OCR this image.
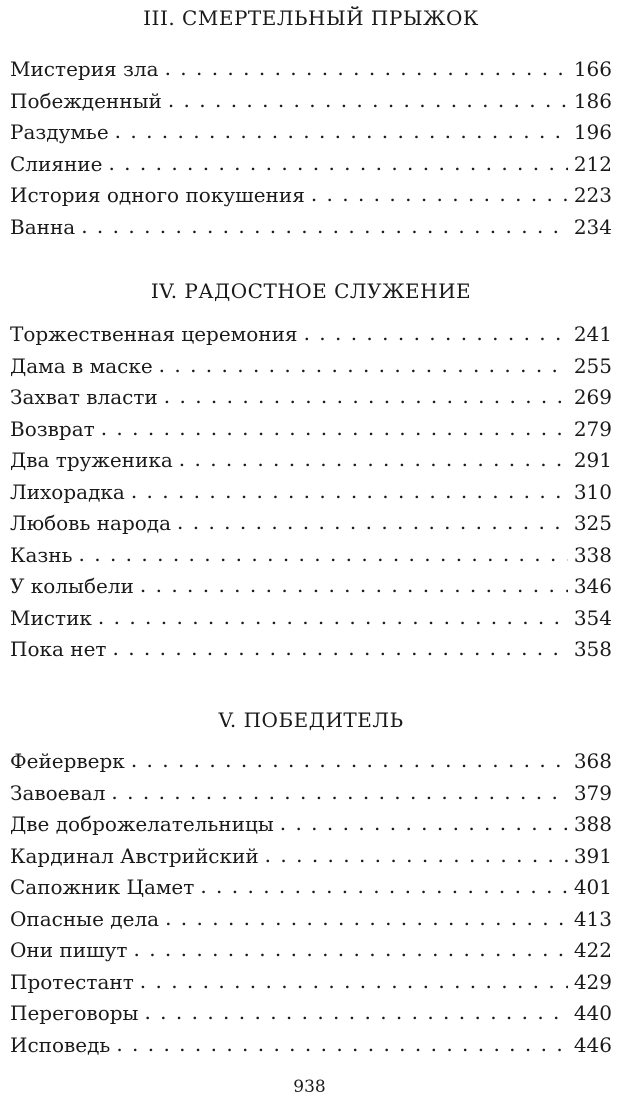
III. СМЕРТЕЛЬНЫЙ ПРЫЖОК
Мистерия зла . . .	166
Побежденный . . .	186
Раздумье . . .	196
Слияние . . .	212
История одного покушения . . .	223
Ванна . . .	234
IV. РАДОСТНОЕ СЛУЖЕНИЕ
Торжественная церемония . . .	241
Дама в маске . . .	255
Захват власти . . .	269
Возврат . . .	279
Два труженика . . .	291
Лихорадка . . .	310
Любовь народа . . .	325
Казнь . . .	338
У колыбели . . .	346
Мистик . . .	354
Пока нет . . .	358
V. ПОБЕДИТЕЛЬ
Фейерверк . . .	368
Завоевал . . .	379
Две доброжелательницы . . .	388
Кардинал Австрийский . . .	391
Сапожник Цамет . . .	401
Опасные дела . . .	413
Они пишут . . .	422
Протестант . . .	429
Переговоры . . .	440
Исповедь . . .	446
938
